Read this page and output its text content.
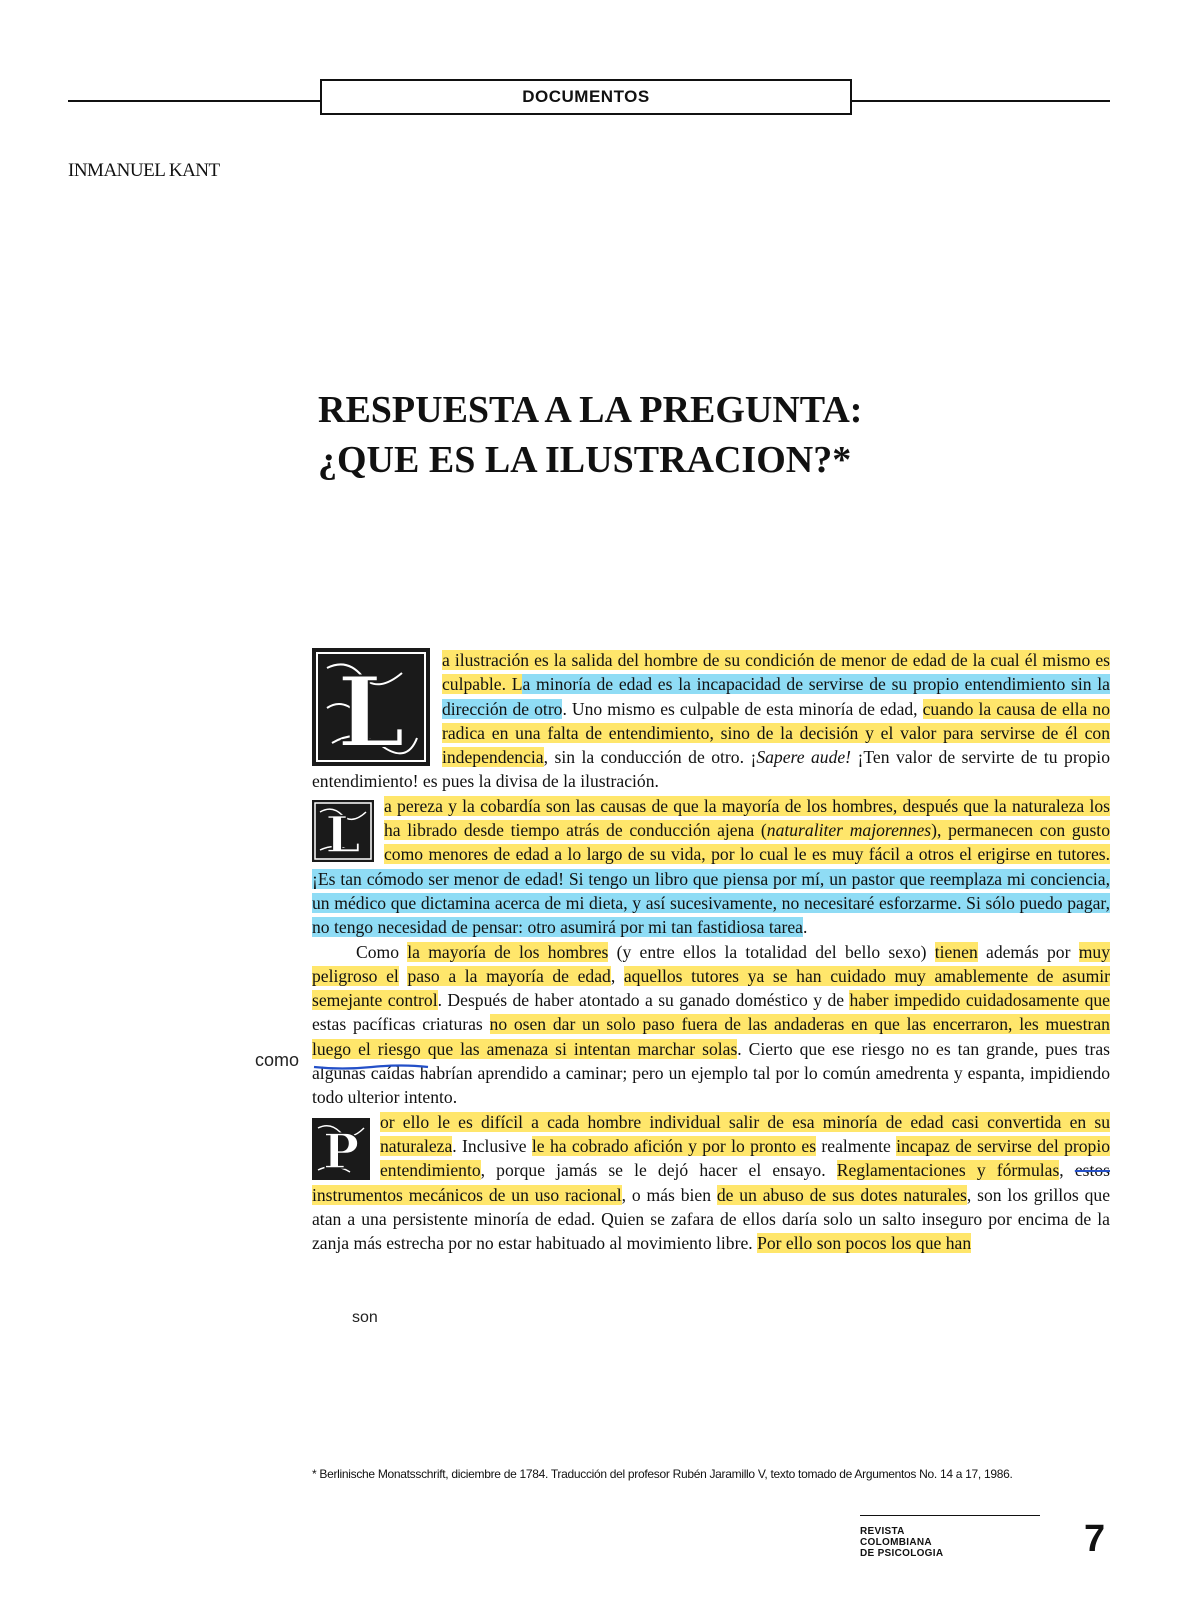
DOCUMENTOS
INMANUEL KANT
RESPUESTA A LA PREGUNTA:
¿QUE ES LA ILUSTRACION?*

L a ilustración es la salida del hombre de su condición de menor de edad de la cual él mismo es culpable. La minoría de edad es la incapacidad de servirse de su propio entendimiento sin la dirección de otro. Uno mismo es culpable de esta minoría de edad, cuando la causa de ella no radica en una falta de entendimiento, sino de la decisión y el valor para servirse de él con independencia, sin la conducción de otro. ¡Sapere aude! ¡Ten valor de servirte de tu propio entendimiento! es pues la divisa de la ilustración.

L a pereza y la cobardía son las causas de que la mayoría de los hombres, después que la naturaleza los ha librado desde tiempo atrás de conducción ajena (naturaliter majorennes), permanecen con gusto como menores de edad a lo largo de su vida, por lo cual le es muy fácil a otros el erigirse en tutores. ¡Es tan cómodo ser menor de edad! Si tengo un libro que piensa por mí, un pastor que reemplaza mi conciencia, un médico que dictamina acerca de mi dieta, y así sucesivamente, no necesitaré esforzarme. Si sólo puedo pagar, no tengo necesidad de pensar: otro asumirá por mi tan fastidiosa tarea.

Como la mayoría de los hombres (y entre ellos la totalidad del bello sexo) tienen además por muy peligroso el paso a la mayoría de edad, aquellos tutores ya se han cuidado muy amablemente de asumir semejante control. Después de haber atontado a su ganado doméstico y de haber impedido cuidadosamente que estas pacíficas criaturas no osen dar un solo paso fuera de las andaderas en que las encerraron, les muestran luego el riesgo que las amenaza si intentan marchar solas. Cierto que ese riesgo no es tan grande, pues tras algunas caídas habrían aprendido a caminar; pero un ejemplo tal por lo común amedrenta y espanta, impidiendo todo ulterior intento.

P
or ello le es difícil a cada hombre individual salir de esa minoría de edad casi convertida en su naturaleza. Inclusive le ha cobrado afición y por lo pronto es realmente incapaz de servirse del propio entendimiento, porque jamás se le dejó hacer el ensayo. Reglamentaciones y fórmulas, estos instrumentos mecánicos de un uso racional, o más bien de un abuso de sus dotes naturales, son los grillos que atan a una persistente minoría de edad. Quien se zafara de ellos daría solo un salto inseguro por encima de la zanja más estrecha por no estar habituado al movimiento libre. Por ello son pocos los que han

como
son
* Berlinische Monatsschrift, diciembre de 1784. Traducción del profesor Rubén Jaramillo V, texto tomado de Argumentos No. 14 a 17, 1986.
REVISTA
COLOMBIANA
DE PSICOLOGIA	7
